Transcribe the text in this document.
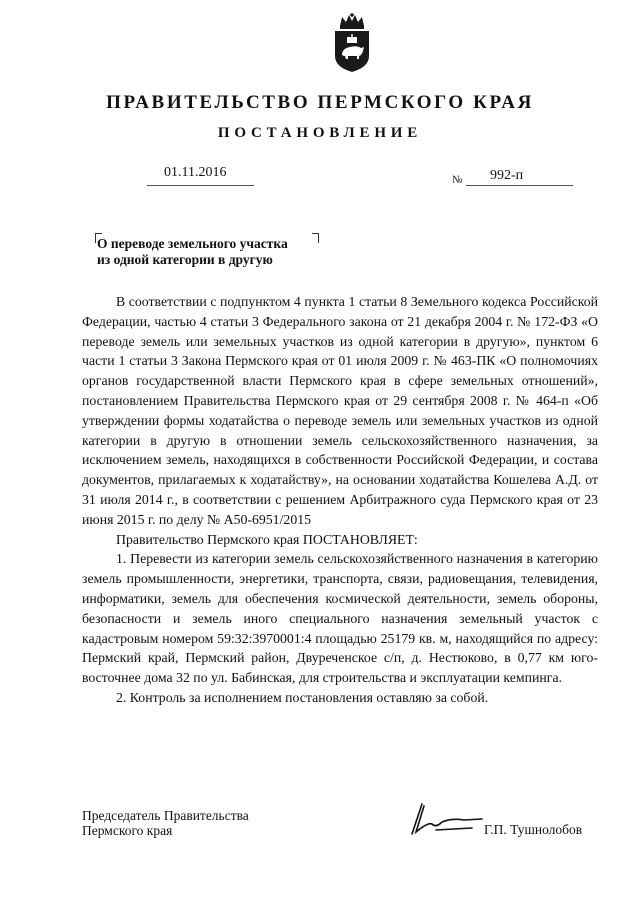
ПРАВИТЕЛЬСТВО ПЕРМСКОГО КРАЯ
ПОСТАНОВЛЕНИЕ
01.11.2016	№ 992-п
О переводе земельного участка
из одной категории в другую

В соответствии с подпунктом 4 пункта 1 статьи 8 Земельного кодекса Российской Федерации, частью 4 статьи 3 Федерального закона от 21 декабря 2004 г. № 172-ФЗ «О переводе земель или земельных участков из одной категории в другую», пунктом 6 части 1 статьи 3 Закона Пермского края от 01 июля 2009 г. № 463-ПК «О полномочиях органов государственной власти Пермского края в сфере земельных отношений», постановлением Правительства Пермского края от 29 сентября 2008 г. № 464-п «Об утверждении формы ходатайства о переводе земель или земельных участков из одной категории в другую в отношении земель сельскохозяйственного назначения, за исключением земель, находящихся в собственности Российской Федерации, и состава документов, прилагаемых к ходатайству», на основании ходатайства Кошелева А.Д. от 31 июля 2014 г., в соответствии с решением Арбитражного суда Пермского края от 23 июня 2015 г. по делу № А50-6951/2015

Правительство Пермского края ПОСТАНОВЛЯЕТ:

1. Перевести из категории земель сельскохозяйственного назначения в категорию земель промышленности, энергетики, транспорта, связи, радиовещания, телевидения, информатики, земель для обеспечения космической деятельности, земель обороны, безопасности и земель иного специального назначения земельный участок с кадастровым номером 59:32:3970001:4 площадью 25179 кв. м, находящийся по адресу: Пермский край, Пермский район, Двуреченское с/п, д. Нестюково, в 0,77 км юго-восточнее дома 32 по ул. Бабинская, для строительства и эксплуатации кемпинга.

2. Контроль за исполнением постановления оставляю за собой.

Председатель Правительства
Пермского края	Г.П. Тушнолобов
